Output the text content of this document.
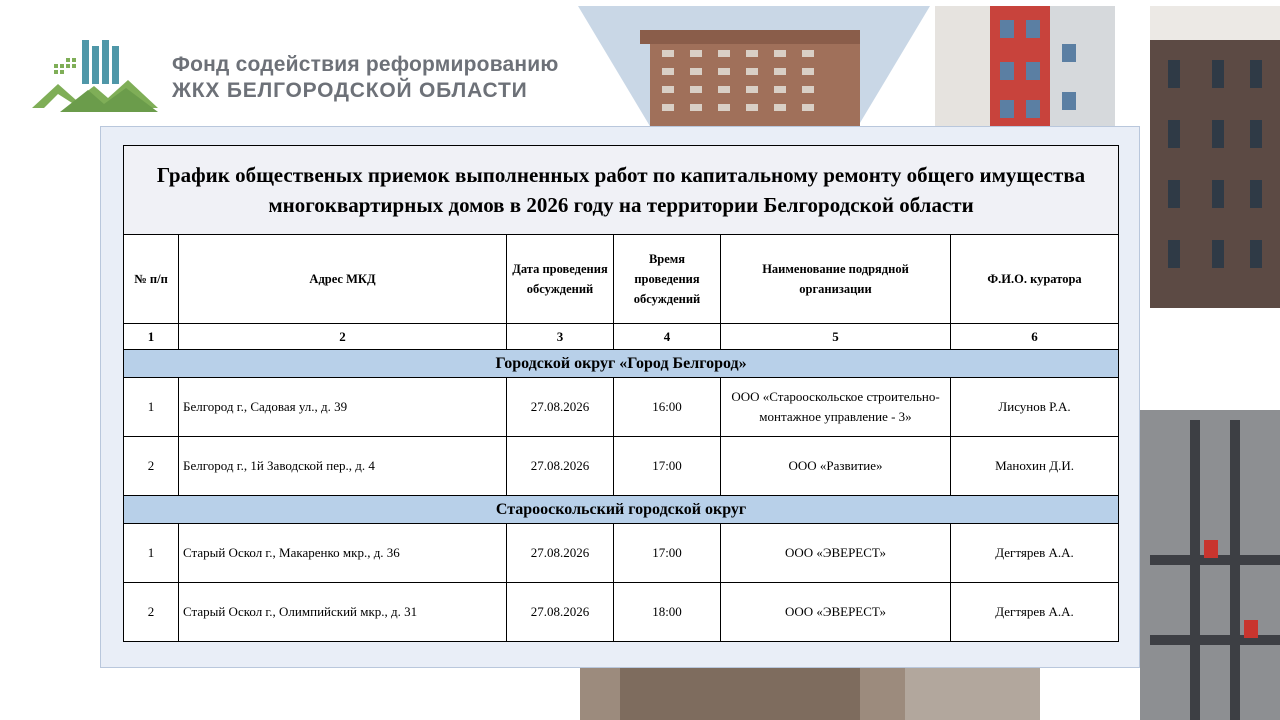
Фонд содействия реформированию
ЖКХ БЕЛГОРОДСКОЙ ОБЛАСТИ
График общественых приемок выполненных работ по капитальному ремонту общего имущества многоквартирных домов в 2026 году на территории Белгородской области					
№ п/п	Адрес МКД	Дата проведения обсуждений	Время проведения обсуждений	Наименование подрядной организации	Ф.И.О. куратора
1	2	3	4	5	6
Городской округ «Город Белгород»					
1	Белгород г., Садовая ул., д. 39	27.08.2026	16:00	ООО «Старооскольское строительно-монтажное управление - 3»	Лисунов Р.А.
2	Белгород г., 1й Заводской пер., д. 4	27.08.2026	17:00	ООО «Развитие»	Манохин Д.И.
Старооскольский городской округ					
1	Старый Оскол г., Макаренко мкр., д. 36	27.08.2026	17:00	ООО «ЭВЕРЕСТ»	Дегтярев А.А.
2	Старый Оскол г., Олимпийский мкр., д. 31	27.08.2026	18:00	ООО «ЭВЕРЕСТ»	Дегтярев А.А.
